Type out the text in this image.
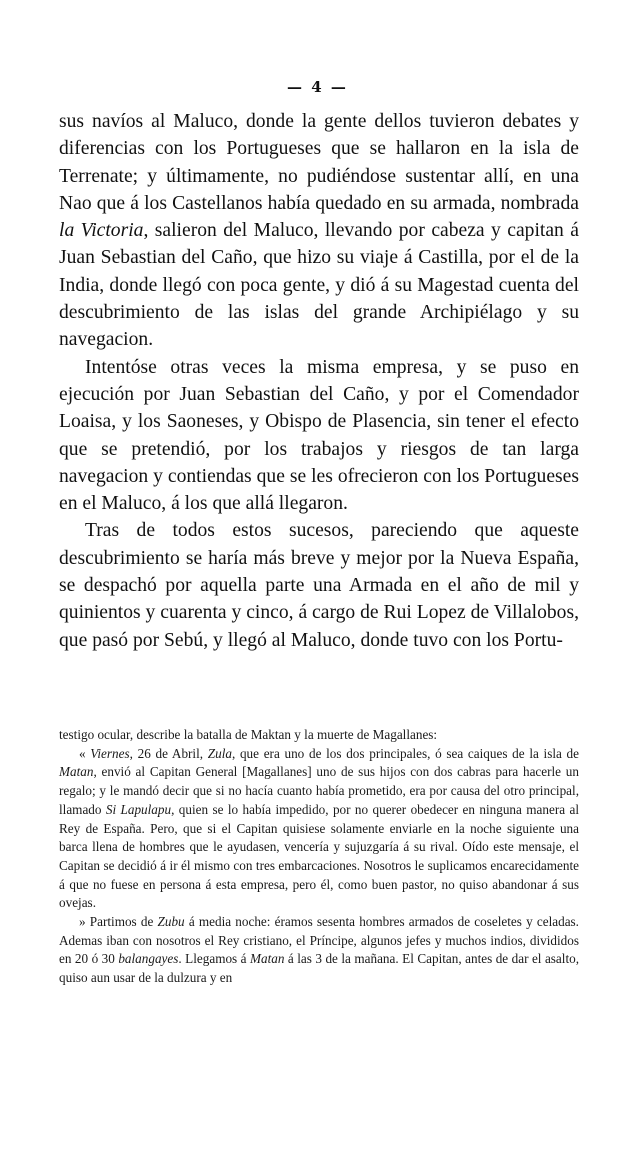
— 4 —

sus navíos al Maluco, donde la gente dellos tuvieron debates y diferencias con los Portugueses que se hallaron en la isla de Terrenate; y últimamente, no pudiéndose sustentar allí, en una Nao que á los Castellanos había quedado en su armada, nombrada la Victoria, salieron del Maluco, llevando por cabeza y capitan á Juan Sebastian del Caño, que hizo su viaje á Castilla, por el de la India, donde llegó con poca gente, y dió á su Magestad cuenta del descubrimiento de las islas del grande Archipiélago y su navegacion.

Intentóse otras veces la misma empresa, y se puso en ejecución por Juan Sebastian del Caño, y por el Comendador Loaisa, y los Saoneses, y Obispo de Plasencia, sin tener el efecto que se pretendió, por los trabajos y riesgos de tan larga navegacion y contiendas que se les ofrecieron con los Portugueses en el Maluco, á los que allá llegaron.

Tras de todos estos sucesos, pareciendo que aqueste descubrimiento se haría más breve y mejor por la Nueva España, se despachó por aquella parte una Armada en el año de mil y quinientos y cuarenta y cinco, á cargo de Rui Lopez de Villalobos, que pasó por Sebú, y llegó al Maluco, donde tuvo con los Portu-

testigo ocular, describe la batalla de Maktan y la muerte de Magallanes:

« Viernes, 26 de Abril, Zula, que era uno de los dos principales, ó sea caiques de la isla de Matan, envió al Capitan General [Magallanes] uno de sus hijos con dos cabras para hacerle un regalo; y le mandó decir que si no hacía cuanto había prometido, era por causa del otro principal, llamado Si Lapulapu, quien se lo había impedido, por no querer obedecer en ninguna manera al Rey de España. Pero, que si el Capitan quisiese solamente enviarle en la noche siguiente una barca llena de hombres que le ayudasen, vencería y sujuzgaría á su rival. Oído este mensaje, el Capitan se decidió á ir él mismo con tres embarcaciones. Nosotros le suplicamos encarecidamente á que no fuese en persona á esta empresa, pero él, como buen pastor, no quiso abandonar á sus ovejas.

» Partimos de Zubu á media noche: éramos sesenta hombres armados de coseletes y celadas. Ademas iban con nosotros el Rey cristiano, el Príncipe, algunos jefes y muchos indios, divididos en 20 ó 30 balangayes. Llegamos á Matan á las 3 de la mañana. El Capitan, antes de dar el asalto, quiso aun usar de la dulzura y en
